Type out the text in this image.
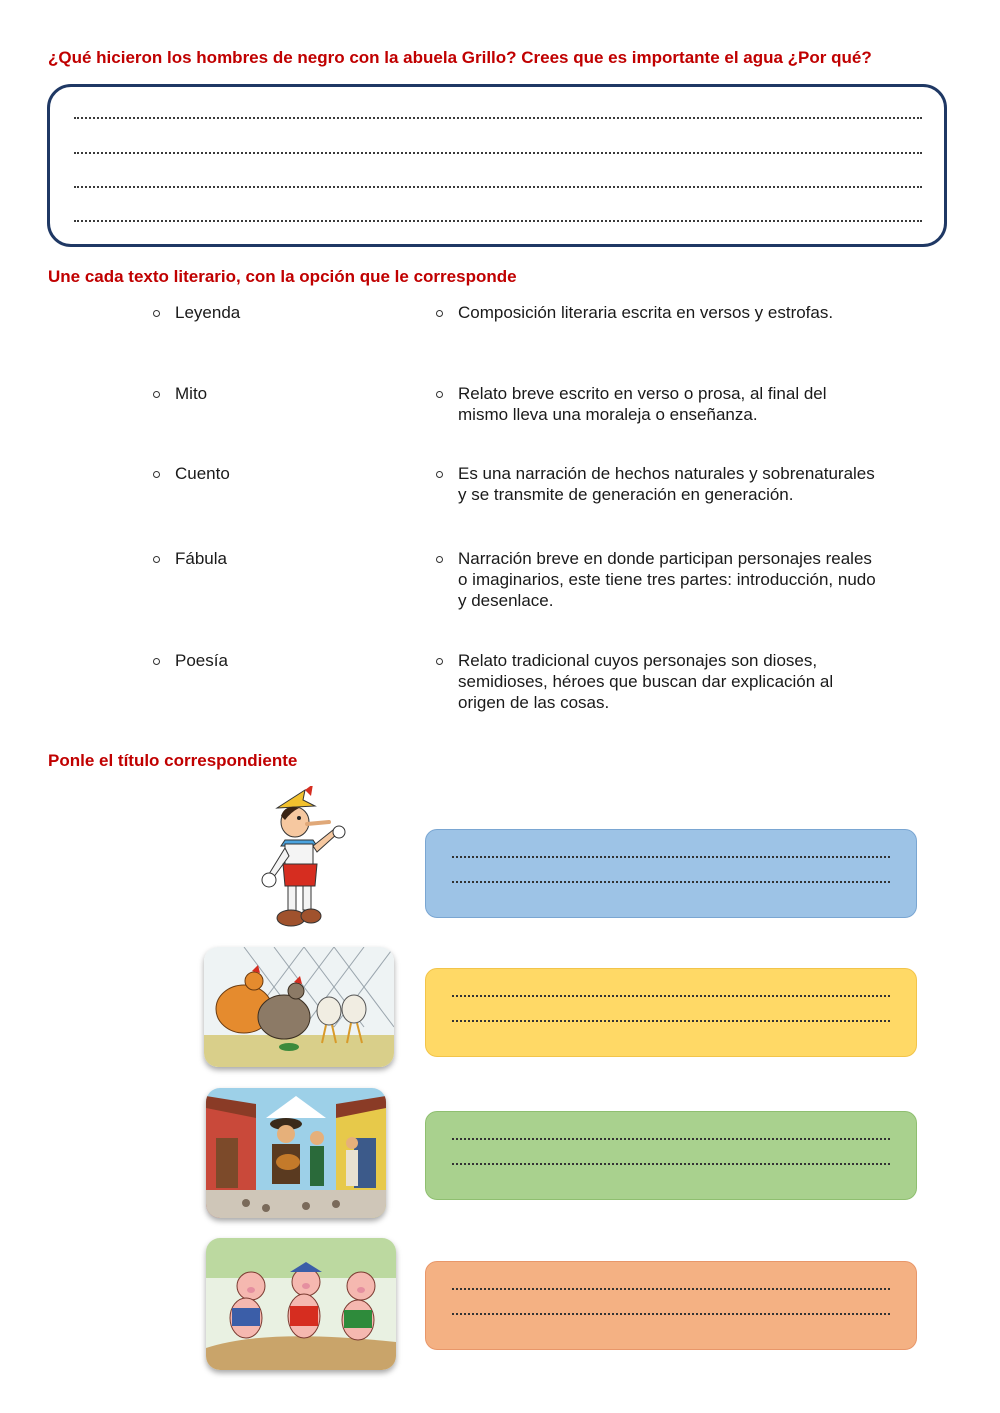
¿Qué hicieron los hombres de negro con la abuela Grillo? Crees que es importante el agua ¿Por qué?
Une cada texto literario, con la opción que le corresponde
Leyenda	Composición literaria escrita en versos y estrofas.
Mito	Relato breve escrito en verso o prosa, al final del mismo lleva una moraleja o enseñanza.
Cuento	Es una narración de hechos naturales y sobrenaturales y se transmite de generación en generación.
Fábula	Narración breve en donde participan personajes reales o imaginarios, este tiene tres partes: introducción, nudo y desenlace.
Poesía	Relato tradicional cuyos personajes son dioses, semidioses, héroes que buscan dar explicación al origen de las cosas.
Ponle el título correspondiente
